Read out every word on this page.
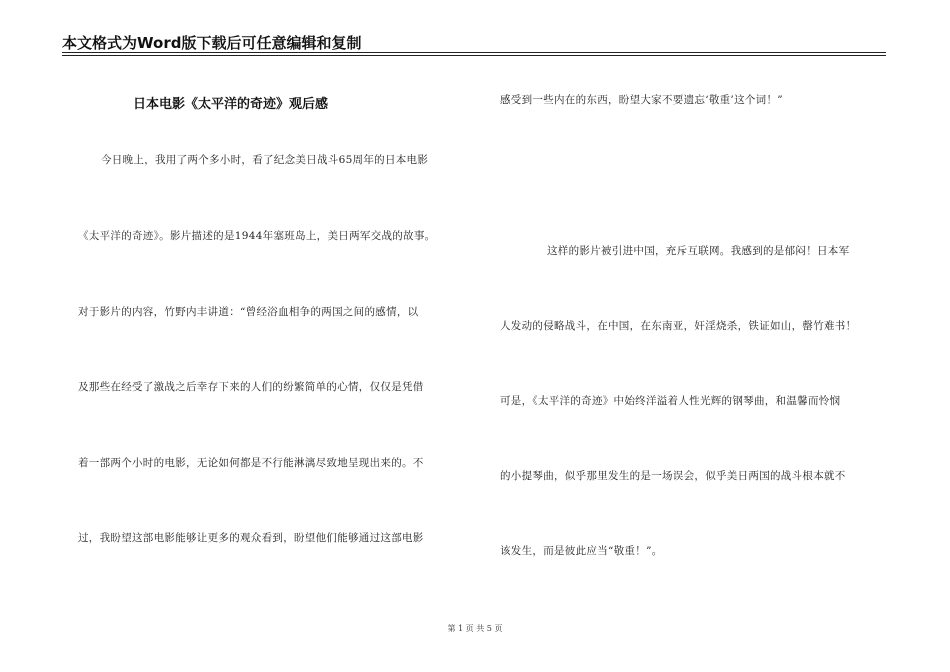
本文格式为Word版下载后可任意编辑和复制
日本电影《太平洋的奇迹》观后感
今日晚上，我用了两个多小时，看了纪念美日战斗65周年的日本电影
《太平洋的奇迹》。影片描述的是1944年塞班岛上，美日两军交战的故事。
对于影片的内容，竹野内丰讲道：“曾经浴血相争的两国之间的感情，以
及那些在经受了激战之后幸存下来的人们的纷繁简单的心情，仅仅是凭借
着一部两个小时的电影，无论如何都是不行能淋漓尽致地呈现出来的。不
过，我盼望这部电影能够让更多的观众看到，盼望他们能够通过这部电影
感受到一些内在的东西，盼望大家不要遗忘‘敬重’这个词！”
这样的影片被引进中国，充斥互联网。我感到的是郁闷！日本军
人发动的侵略战斗，在中国，在东南亚，奸淫烧杀，铁证如山，罄竹难书！
可是，《太平洋的奇迹》中始终洋溢着人性光辉的钢琴曲，和温馨而怜悯
的小提琴曲，似乎那里发生的是一场误会，似乎美日两国的战斗根本就不
该发生，而是彼此应当“敬重！”。
第 1 页 共 5 页
